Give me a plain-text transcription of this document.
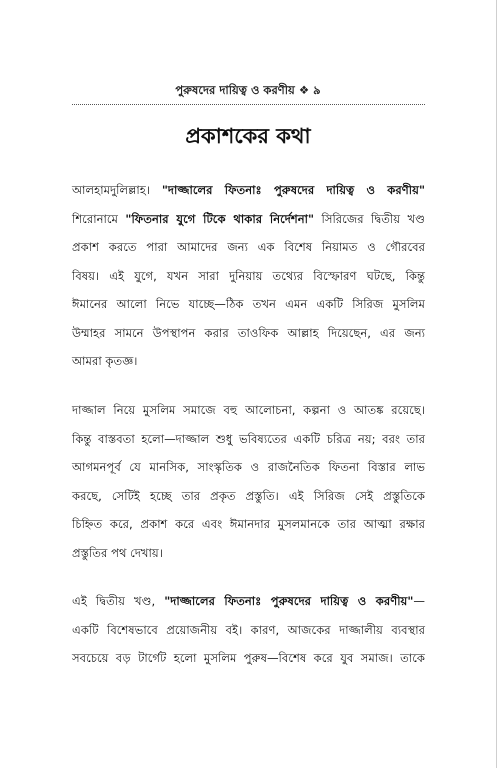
পুরুষদের দায়িত্ব ও করণীয় ❖ ৯
প্রকাশকের কথা
আলহামদুলিল্লাহ। "দাজ্জালের ফিতনাঃ পুরুষদের দায়িত্ব ও করণীয়"
শিরোনামে "ফিতনার যুগে টিকে থাকার নির্দেশনা" সিরিজের দ্বিতীয় খণ্ড
প্রকাশ করতে পারা আমাদের জন্য এক বিশেষ নিয়ামত ও গৌরবের
বিষয়। এই যুগে, যখন সারা দুনিয়ায় তথ্যের বিস্ফোরণ ঘটছে, কিন্তু
ঈমানের আলো নিভে যাচ্ছে—ঠিক তখন এমন একটি সিরিজ মুসলিম
উম্মাহর সামনে উপস্থাপন করার তাওফিক আল্লাহ দিয়েছেন, এর জন্য
আমরা কৃতজ্ঞ।
দাজ্জাল নিয়ে মুসলিম সমাজে বহু আলোচনা, কল্পনা ও আতঙ্ক রয়েছে।
কিন্তু বাস্তবতা হলো—দাজ্জাল শুধু ভবিষ্যতের একটি চরিত্র নয়; বরং তার
আগমনপূর্ব যে মানসিক, সাংস্কৃতিক ও রাজনৈতিক ফিতনা বিস্তার লাভ
করছে, সেটিই হচ্ছে তার প্রকৃত প্রস্তুতি। এই সিরিজ সেই প্রস্তুতিকে
চিহ্নিত করে, প্রকাশ করে এবং ঈমানদার মুসলমানকে তার আত্মা রক্ষার
প্রস্তুতির পথ দেখায়।
এই দ্বিতীয় খণ্ড, "দাজ্জালের ফিতনাঃ পুরুষদের দায়িত্ব ও করণীয়"—
একটি বিশেষভাবে প্রয়োজনীয় বই। কারণ, আজকের দাজ্জালীয় ব্যবস্থার
সবচেয়ে বড় টার্গেট হলো মুসলিম পুরুষ—বিশেষ করে যুব সমাজ। তাকে
